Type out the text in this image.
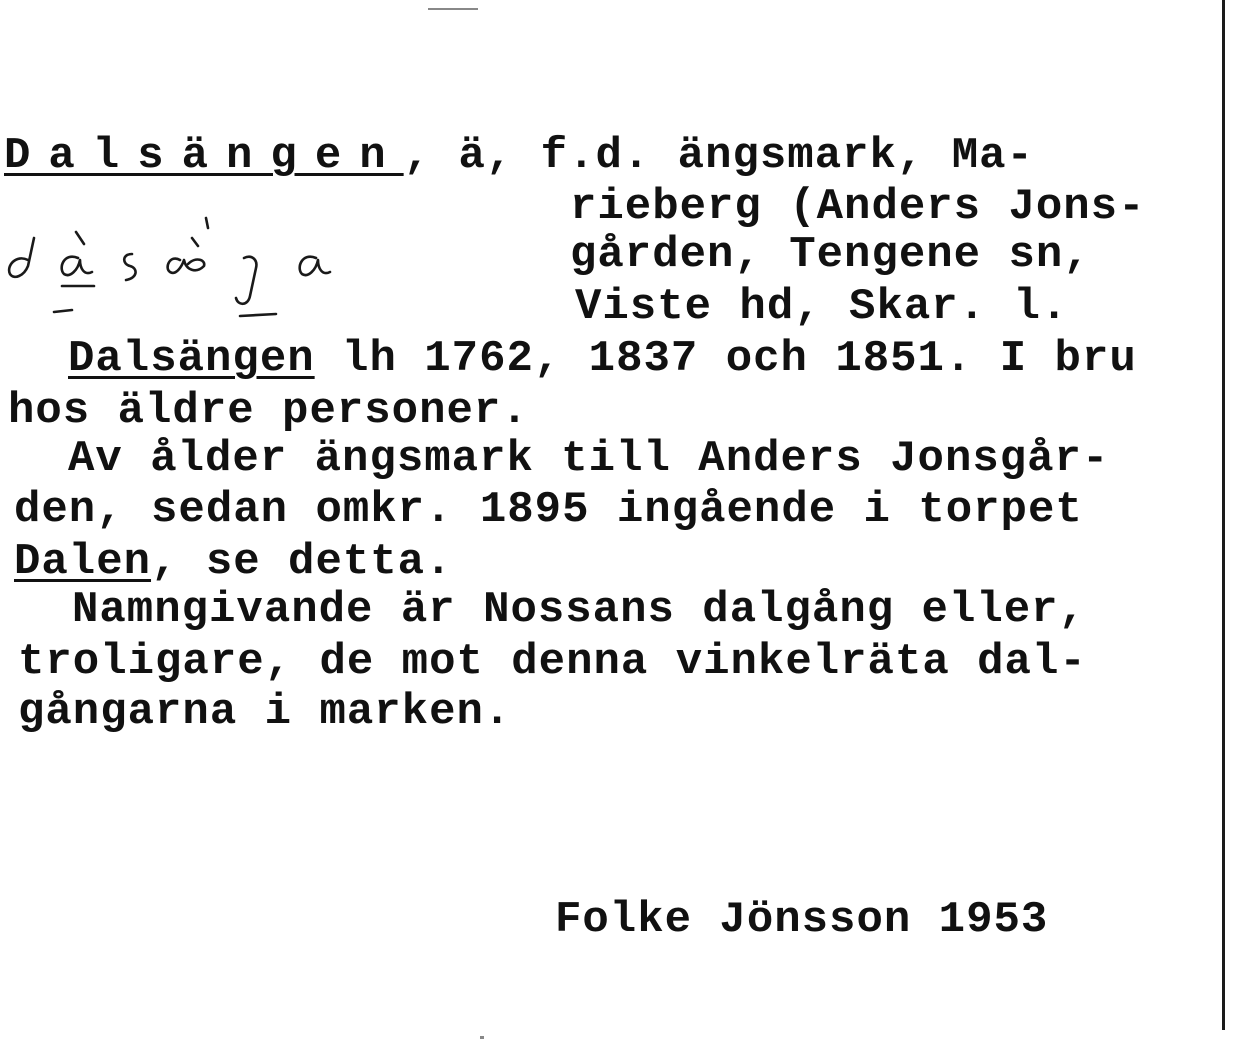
Dalsängen, ä, f.d. ängsmark, Ma-
rieberg (Anders Jons-
gården, Tengene sn,
Viste hd, Skar. l.
Dalsängen lh 1762, 1837 och 1851. I bru
hos äldre personer.
Av ålder ängsmark till Anders Jonsgår-
den, sedan omkr. 1895 ingående i torpet
Dalen, se detta.
Namngivande är Nossans dalgång eller,
troligare, de mot denna vinkelräta dal-
gångarna i marken.
Folke Jönsson 1953
